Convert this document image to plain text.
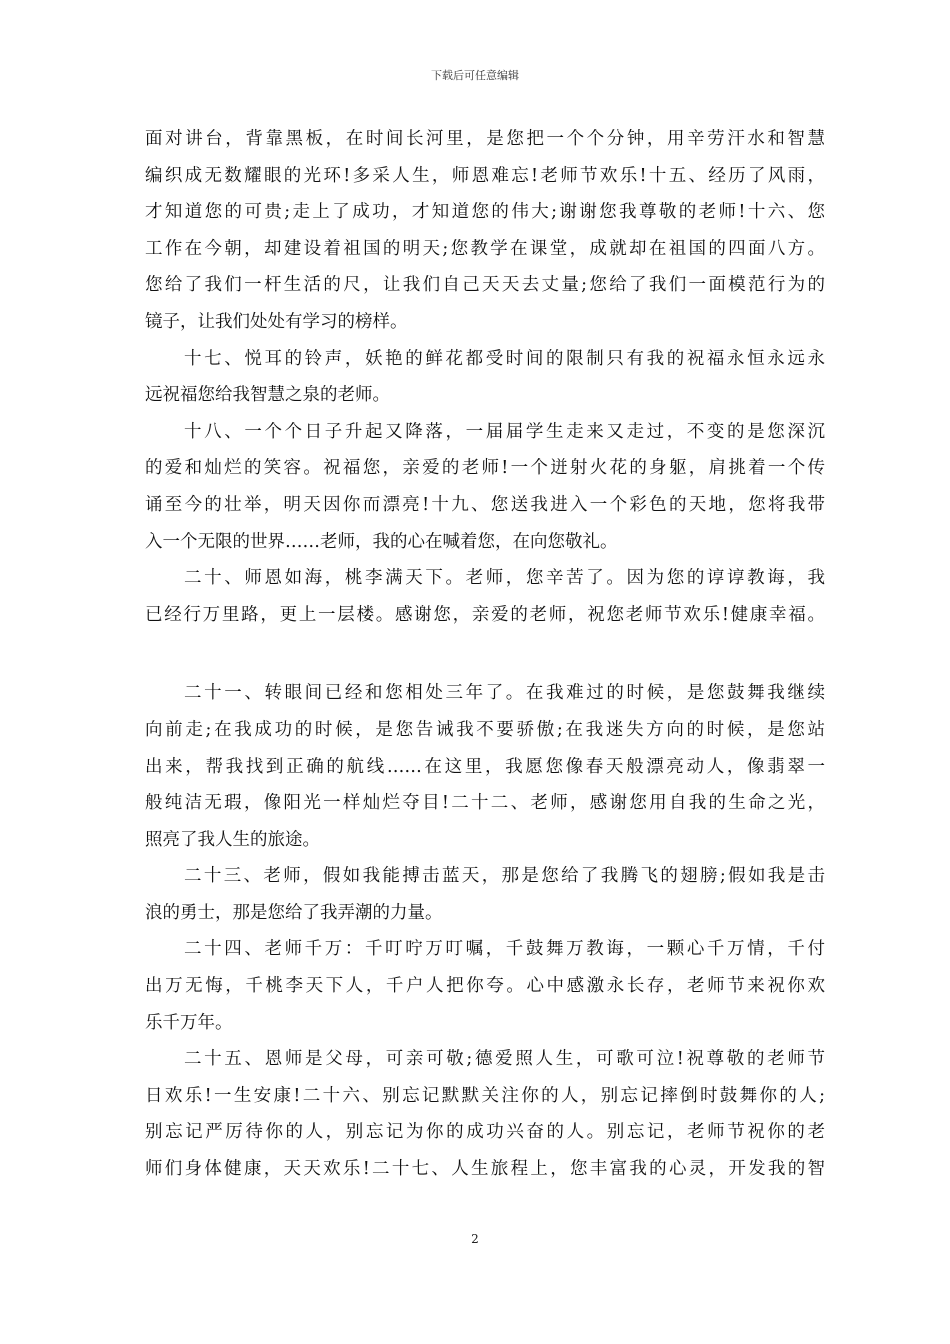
下载后可任意编辑
面对讲台，背靠黑板，在时间长河里，是您把一个个分钟，用辛劳汗水和智慧
编织成无数耀眼的光环!多采人生，师恩难忘!老师节欢乐!十五、经历了风雨，
才知道您的可贵;走上了成功，才知道您的伟大;谢谢您我尊敬的老师!十六、您
工作在今朝，却建设着祖国的明天;您教学在课堂，成就却在祖国的四面八方。
您给了我们一杆生活的尺，让我们自己天天去丈量;您给了我们一面模范行为的
镜子，让我们处处有学习的榜样。
十七、悦耳的铃声，妖艳的鲜花都受时间的限制只有我的祝福永恒永远永
远祝福您给我智慧之泉的老师。
十八、一个个日子升起又降落，一届届学生走来又走过，不变的是您深沉
的爱和灿烂的笑容。祝福您，亲爱的老师!一个迸射火花的身躯，肩挑着一个传
诵至今的壮举，明天因你而漂亮!十九、您送我进入一个彩色的天地，您将我带
入一个无限的世界……老师，我的心在喊着您，在向您敬礼。
二十、师恩如海，桃李满天下。老师，您辛苦了。因为您的谆谆教诲，我
已经行万里路，更上一层楼。感谢您，亲爱的老师，祝您老师节欢乐!健康幸福。
二十一、转眼间已经和您相处三年了。在我难过的时候，是您鼓舞我继续
向前走;在我成功的时候，是您告诫我不要骄傲;在我迷失方向的时候，是您站
出来，帮我找到正确的航线……在这里，我愿您像春天般漂亮动人，像翡翠一
般纯洁无瑕，像阳光一样灿烂夺目!二十二、老师，感谢您用自我的生命之光，
照亮了我人生的旅途。
二十三、老师，假如我能搏击蓝天，那是您给了我腾飞的翅膀;假如我是击
浪的勇士，那是您给了我弄潮的力量。
二十四、老师千万：千叮咛万叮嘱，千鼓舞万教诲，一颗心千万情，千付
出万无悔，千桃李天下人，千户人把你夸。心中感激永长存，老师节来祝你欢
乐千万年。
二十五、恩师是父母，可亲可敬;德爱照人生，可歌可泣!祝尊敬的老师节
日欢乐!一生安康!二十六、别忘记默默关注你的人，别忘记摔倒时鼓舞你的人;
别忘记严厉待你的人，别忘记为你的成功兴奋的人。别忘记，老师节祝你的老
师们身体健康，天天欢乐!二十七、人生旅程上，您丰富我的心灵，开发我的智
2
